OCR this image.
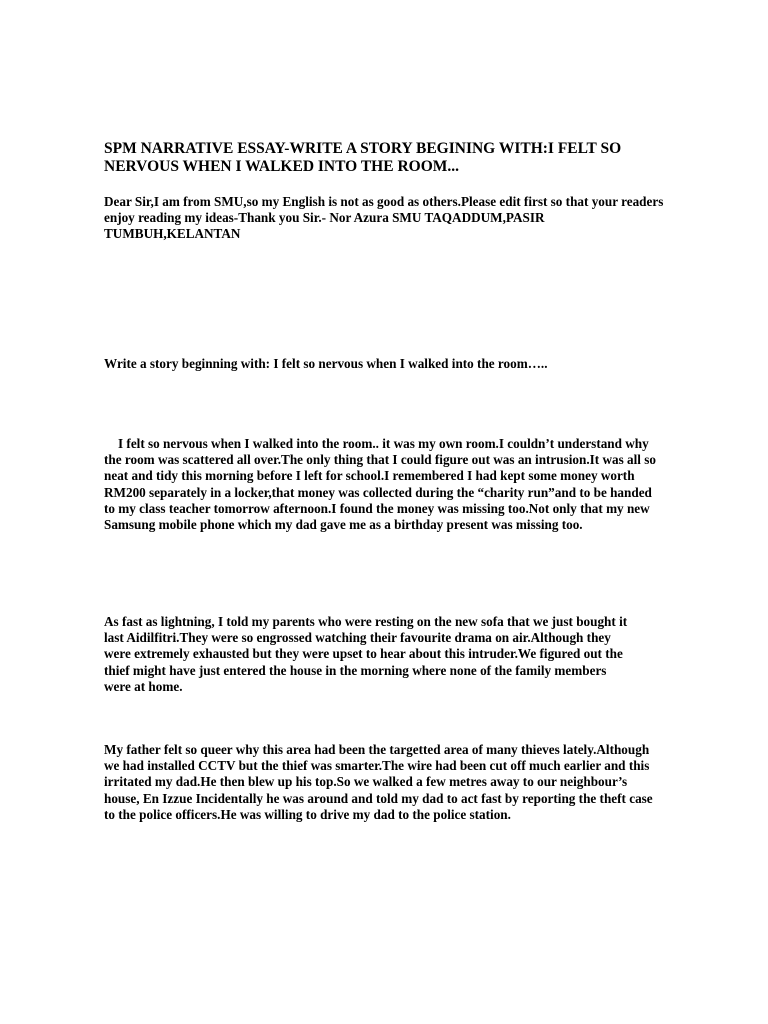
SPM NARRATIVE ESSAY-WRITE A STORY BEGINING WITH:I FELT SO NERVOUS WHEN I WALKED INTO THE ROOM...

Dear Sir,I am from SMU,so my English is not as good as others.Please edit first so that your readers enjoy reading my ideas-Thank you Sir.- Nor Azura SMU TAQADDUM,PASIR TUMBUH,KELANTAN

Write a story beginning with: I felt so nervous when I walked into the room…..

I felt so nervous when I walked into the room.. it was my own room.I couldn’t understand why the room was scattered all over.The only thing that I could figure out was an intrusion.It was all so neat and tidy this morning before I left for school.I remembered I had kept some money worth RM200 separately in a locker,that money was collected during the “charity run”and to be handed to my class teacher tomorrow afternoon.I found the money was missing too.Not only that my new Samsung mobile phone which my dad gave me as a birthday present was missing too.

As fast as lightning, I told my parents who were resting on the new sofa that we just bought it last Aidilfitri.They were so engrossed watching their favourite drama on air.Although they were extremely exhausted but they were upset to hear about this intruder.We figured out the thief might have just entered the house in the morning where none of the family members were at home.

My father felt so queer why this area had been the targetted area of many thieves lately.Although we had installed CCTV but the thief was smarter.The wire had been cut off much earlier and this irritated my dad.He then blew up his top.So we walked a few metres away to our neighbour’s house, En Izzue Incidentally he was around and told my dad to act fast by reporting the theft case to the police officers.He was willing to drive my dad to the police station.
